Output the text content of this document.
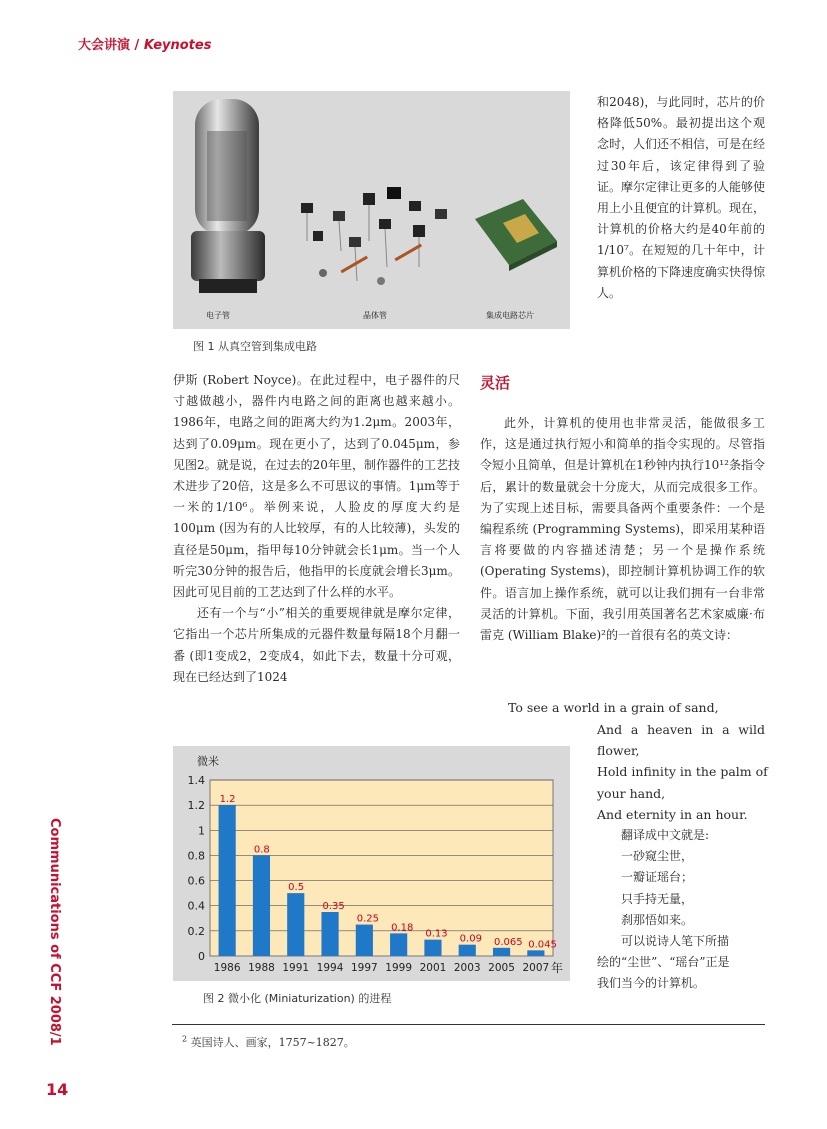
大会讲演 / Keynotes
Communications of CCF 2008/1
14
电子管	晶体管	集成电路芯片
图 1 从真空管到集成电路
和2048)，与此同时，芯片的价格降低50%。最初提出这个观念时，人们还不相信，可是在经过30年后，该定律得到了验证。摩尔定律让更多的人能够使用上小且便宜的计算机。现在，计算机的价格大约是40年前的1/10⁷。在短短的几十年中，计算机价格的下降速度确实快得惊人。

伊斯 (Robert Noyce)。在此过程中，电子器件的尺寸越做越小，器件内电路之间的距离也越来越小。1986年，电路之间的距离大约为1.2μm。2003年，达到了0.09μm。现在更小了，达到了0.045μm，参见图2。就是说，在过去的20年里，制作器件的工艺技术进步了20倍，这是多么不可思议的事情。1μm等于一米的1/10⁶。举例来说，人脸皮的厚度大约是100μm (因为有的人比较厚，有的人比较薄)，头发的直径是50μm，指甲每10分钟就会长1μm。当一个人听完30分钟的报告后，他指甲的长度就会增长3μm。因此可见目前的工艺达到了什么样的水平。

还有一个与“小”相关的重要规律就是摩尔定律，它指出一个芯片所集成的元器件数量每隔18个月翻一番 (即1变成2，2变成4，如此下去，数量十分可观，现在已经达到了1024

灵活
此外，计算机的使用也非常灵活，能做很多工作，这是通过执行短小和简单的指令实现的。尽管指令短小且简单，但是计算机在1秒钟内执行10¹²条指令后，累计的数量就会十分庞大，从而完成很多工作。为了实现上述目标，需要具备两个重要条件：一个是编程系统 (Programming Systems)，即采用某种语言将要做的内容描述清楚；另一个是操作系统 (Operating Systems)，即控制计算机协调工作的软件。语言加上操作系统，就可以让我们拥有一台非常灵活的计算机。下面，我引用英国著名艺术家威廉·布雷克 (William Blake)²的一首很有名的英文诗：
To see a world in a grain of sand,
And a heaven in a wild
flower,
Hold infinity in the palm of
your hand,
And eternity in an hour.
翻译成中文就是:
一砂窥尘世，
一瓣证瑶台；
只手持无量，
刹那悟如来。
可以说诗人笔下所描
绘的“尘世”、“瑶台”正是
我们当今的计算机。
1.2
0.8
0.5
0.35
0.25
0.18
0.13 0.09 0.065 0.045
0
0.2
0.4
0.6
0.8
1
1.2
1.4
1986 1988 1991 1994 1997 1999 2001 2003 2005 2007
微米
年
图 2 微小化 (Miniaturization) 的进程
$^2$ 英国诗人、画家，1757~1827。
